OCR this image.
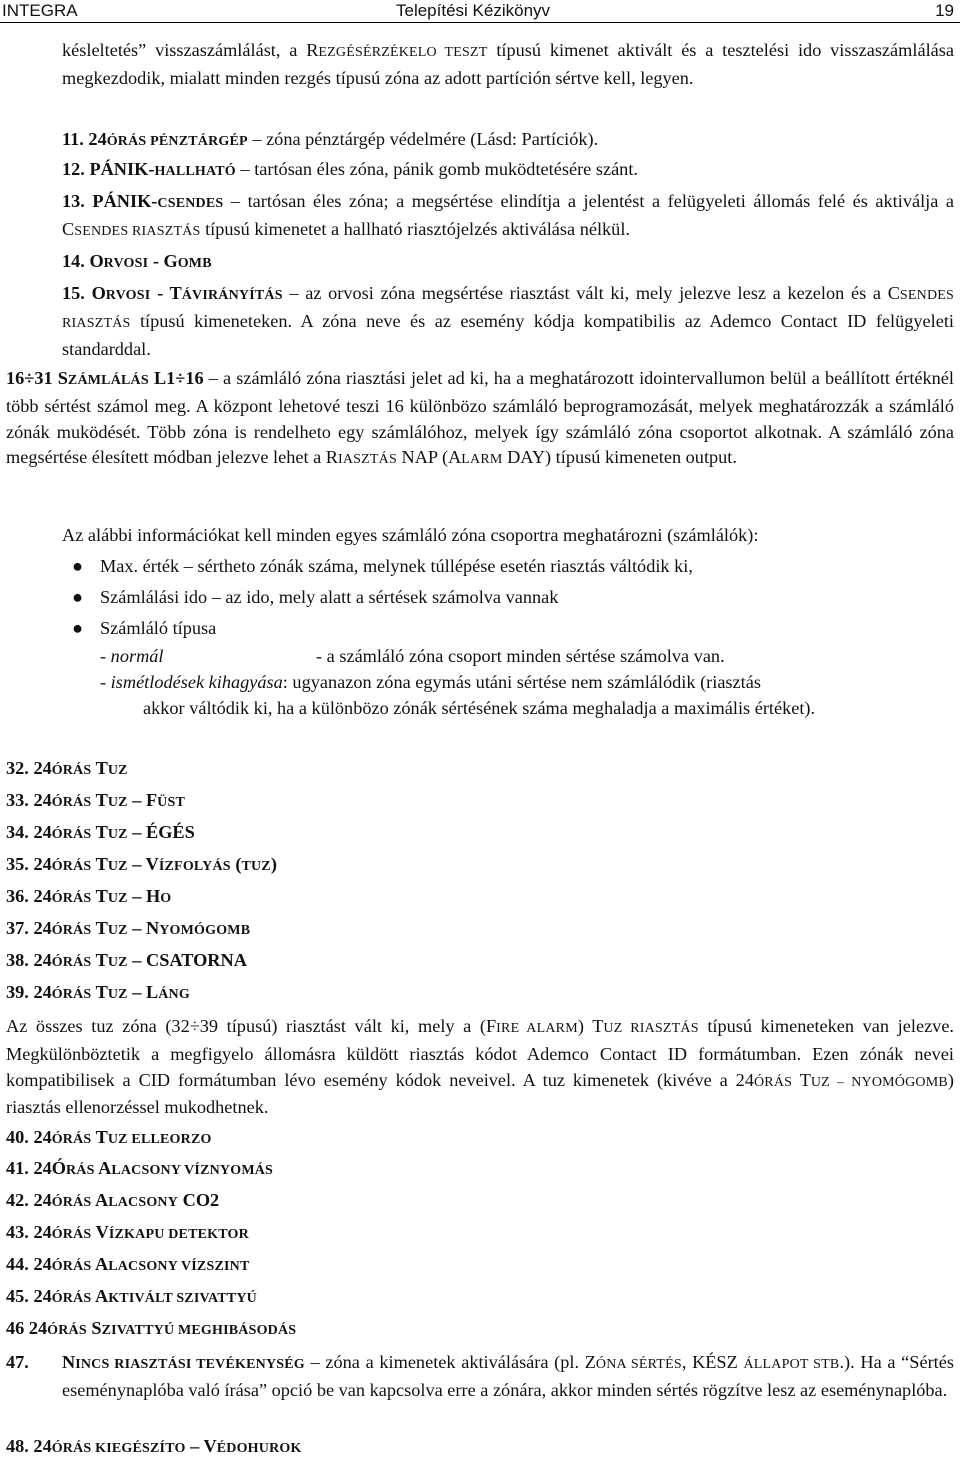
INTEGRA	Telepítési Kézikönyv	19
késleltetés” visszaszámlálást, a REZGÉSÉRZÉKELO TESZT típusú kimenet aktivált és a tesztelési ido visszaszámlálása megkezdodik, mialatt minden rezgés típusú zóna az adott partíción sértve kell, legyen.
11. 24ÓRÁS PÉNZTÁRGÉP – zóna pénztárgép védelmére (Lásd: Partíciók).
12. PÁNIK-HALLHATÓ – tartósan éles zóna, pánik gomb muködtetésére szánt.
13. PÁNIK-CSENDES – tartósan éles zóna; a megsértése elindítja a jelentést a felügyeleti állomás felé és aktiválja a CSENDES RIASZTÁS típusú kimenetet a hallható riasztójelzés aktiválása nélkül.
14. ORVOSI - GOMB
15. ORVOSI - TÁVIRÁNYÍTÁS – az orvosi zóna megsértése riasztást vált ki, mely jelezve lesz a kezelon és a CSENDES RIASZTÁS típusú kimeneteken. A zóna neve és az esemény kódja kompatibilis az Ademco Contact ID felügyeleti standarddal.
16÷31 SZÁMLÁLÁS L1÷16 – a számláló zóna riasztási jelet ad ki, ha a meghatározott idointervallumon belül a beállított értéknél több sértést számol meg. A központ lehetové teszi 16 különbözo számláló beprogramozását, melyek meghatározzák a számláló zónák muködését. Több zóna is rendelheto egy számlálóhoz, melyek így számláló zóna csoportot alkotnak. A számláló zóna megsértése élesített módban jelezve lehet a RIASZTÁS NAP (ALARM DAY) típusú kimeneten output.
Az alábbi információkat kell minden egyes számláló zóna csoportra meghatározni (számlálók):
● Max. érték – sértheto zónák száma, melynek túllépése esetén riasztás váltódik ki,
● Számlálási ido – az ido, mely alatt a sértések számolva vannak
● Számláló típusa
- normál	- a számláló zóna csoport minden sértése számolva van.
- ismétlodések kihagyása: ugyanazon zóna egymás utáni sértése nem számlálódik (riasztás
akkor váltódik ki, ha a különbözo zónák sértésének száma meghaladja a maximális értéket).
32. 24ÓRÁS TUZ
33. 24ÓRÁS TUZ – FÜST
34. 24ÓRÁS TUZ – ÉGÉS
35. 24ÓRÁS TUZ – VÍZFOLYÁS (TUZ)
36. 24ÓRÁS TUZ – HO
37. 24ÓRÁS TUZ – NYOMÓGOMB
38. 24ÓRÁS TUZ – CSATORNA
39. 24ÓRÁS TUZ – LÁNG
Az összes tuz zóna (32÷39 típusú) riasztást vált ki, mely a (FIRE ALARM) TUZ RIASZTÁS típusú kimeneteken van jelezve. Megkülönböztetik a megfigyelo állomásra küldött riasztás kódot Ademco Contact ID formátumban. Ezen zónák nevei kompatibilisek a CID formátumban lévo esemény kódok neveivel. A tuz kimenetek (kivéve a 24ÓRÁS TUZ – NYOMÓGOMB) riasztás ellenorzéssel mukodhetnek.
40. 24ÓRÁS TUZ ELLEORZO
41. 24ÓRÁS ALACSONY VÍZNYOMÁS
42. 24ÓRÁS ALACSONY CO2
43. 24ÓRÁS VÍZKAPU DETEKTOR
44. 24ÓRÁS ALACSONY VÍZSZINT
45. 24ÓRÁS AKTIVÁLT SZIVATTYÚ
46 24ÓRÁS SZIVATTYÚ MEGHIBÁSODÁS
47. NINCS RIASZTÁSI TEVÉKENYSÉG – zóna a kimenetek aktiválására (pl. ZÓNA SÉRTÉS, KÉSZ ÁLLAPOT STB.). Ha a “Sértés eseménynaplóba való írása” opció be van kapcsolva erre a zónára, akkor minden sértés rögzítve lesz az eseménynaplóba.
48. 24ÓRÁS KIEGÉSZÍTO – VÉDOHUROK
